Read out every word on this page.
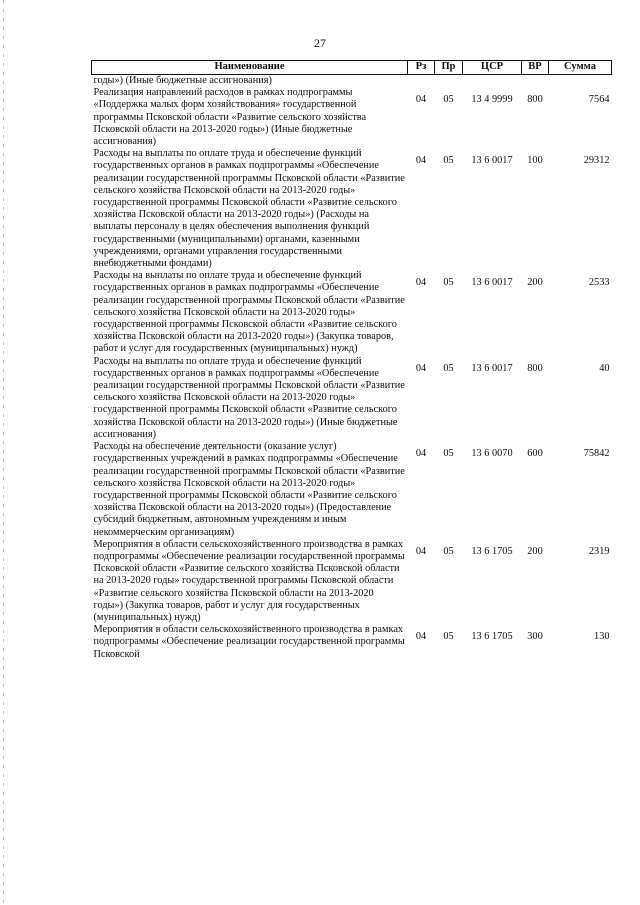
27
Наименование	Рз	Пр	ЦСР	ВР	Сумма
годы») (Иные бюджетные ассигнования)					
Реализация направлений расходов в рамках подпрограммы «Поддержка малых форм хозяйствования» государственной программы Псковской области «Развитие сельского хозяйства Псковской области на 2013-2020 годы») (Иные бюджетные ассигнования)	04	05	13 4 9999	800	7564
Расходы на выплаты по оплате труда и обеспечение функций государственных органов в рамках подпрограммы «Обеспечение реализации государственной программы Псковской области «Развитие сельского хозяйства Псковской области на 2013-2020 годы» государственной программы Псковской области «Развитие сельского хозяйства Псковской области на 2013-2020 годы») (Расходы на выплаты персоналу в целях обеспечения выполнения функций государственными (муниципальными) органами, казенными учреждениями, органами управления государственными внебюджетными фондами)	04	05	13 6 0017	100	29312
Расходы на выплаты по оплате труда и обеспечение функций государственных органов в рамках подпрограммы «Обеспечение реализации государственной программы Псковской области «Развитие сельского хозяйства Псковской области на 2013-2020 годы» государственной программы Псковской области «Развитие сельского хозяйства Псковской области на 2013-2020 годы») (Закупка товаров, работ и услуг для государственных (муниципальных) нужд)	04	05	13 6 0017	200	2533
Расходы на выплаты по оплате труда и обеспечение функций государственных органов в рамках подпрограммы «Обеспечение реализации государственной программы Псковской области «Развитие сельского хозяйства Псковской области на 2013-2020 годы» государственной программы Псковской области «Развитие сельского хозяйства Псковской области на 2013-2020 годы») (Иные бюджетные ассигнования)	04	05	13 6 0017	800	40
Расходы на обеспечение деятельности (оказание услуг) государственных учреждений в рамках подпрограммы «Обеспечение реализации государственной программы Псковской области «Развитие сельского хозяйства Псковской области на 2013-2020 годы» государственной программы Псковской области «Развитие сельского хозяйства Псковской области на 2013-2020 годы») (Предоставление субсидий бюджетным, автономным учреждениям и иным некоммерческим организациям)	04	05	13 6 0070	600	75842
Мероприятия в области сельскохозяйственного производства в рамках подпрограммы «Обеспечение реализации государственной программы Псковской области «Развитие сельского хозяйства Псковской области на 2013-2020 годы» государственной программы Псковской области «Развитие сельского хозяйства Псковской области на 2013-2020 годы») (Закупка товаров, работ и услуг для государственных (муниципальных) нужд)	04	05	13 6 1705	200	2319
Мероприятия в области сельскохозяйственного производства в рамках подпрограммы «Обеспечение реализации государственной программы Псковской	04	05	13 6 1705	300	130
